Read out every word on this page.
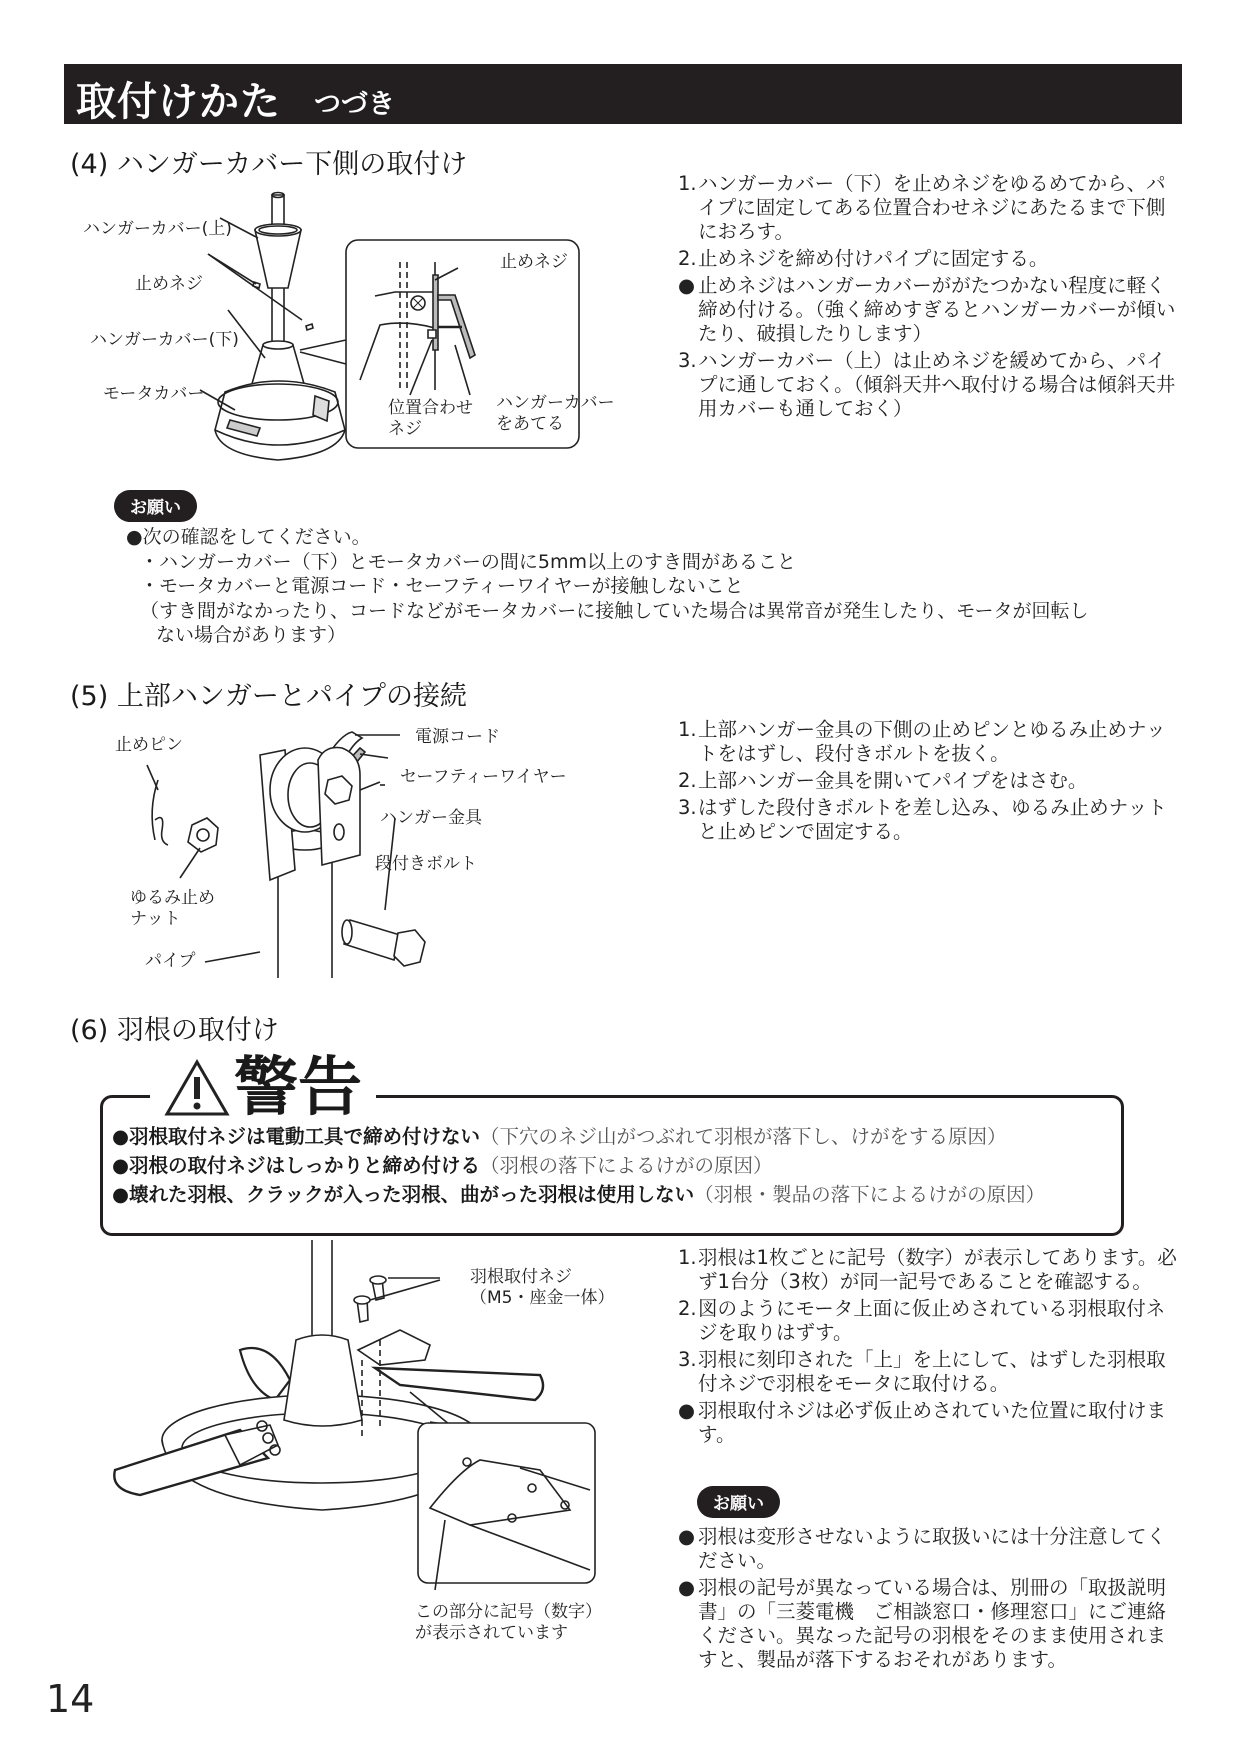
取付けかた つづき
(4) ハンガーカバー下側の取付け
ハンガーカバー(上)
止めネジ
ハンガーカバー(下)
モータカバー
止めネジ
位置合わせ
ネジ
ハンガーカバー
をあてる
1. ハンガーカバー（下）を止めネジをゆるめてから、パイプに固定してある位置合わせネジにあたるまで下側におろす。
2. 止めネジを締め付けパイプに固定する。
● 止めネジはハンガーカバーががたつかない程度に軽く締め付ける。（強く締めすぎるとハンガーカバーが傾いたり、破損したりします）
3. ハンガーカバー（上）は止めネジを緩めてから、パイプに通しておく。（傾斜天井へ取付ける場合は傾斜天井用カバーも通しておく）
お願い
●次の確認をしてください。
・ハンガーカバー（下）とモータカバーの間に5mm以上のすき間があること
・モータカバーと電源コード・セーフティーワイヤーが接触しないこと
（すき間がなかったり、コードなどがモータカバーに接触していた場合は異常音が発生したり、モータが回転し
ない場合があります）
(5) 上部ハンガーとパイプの接続
止めピン	電源コード
セーフティーワイヤー
ハンガー金具
段付きボルト
ゆるみ止め
ナット
パイプ
1. 上部ハンガー金具の下側の止めピンとゆるみ止めナットをはずし、段付きボルトを抜く。
2. 上部ハンガー金具を開いてパイプをはさむ。
3. はずした段付きボルトを差し込み、ゆるみ止めナットと止めピンで固定する。
(6) 羽根の取付け
警告
●羽根取付ネジは電動工具で締め付けない（下穴のネジ山がつぶれて羽根が落下し、けがをする原因）
●羽根の取付ネジはしっかりと締め付ける（羽根の落下によるけがの原因）
●壊れた羽根、クラックが入った羽根、曲がった羽根は使用しない（羽根・製品の落下によるけがの原因）
羽根取付ネジ
（M5・座金一体）
この部分に記号（数字）
が表示されています
1. 羽根は1枚ごとに記号（数字）が表示してあります。必ず1台分（3枚）が同一記号であることを確認する。
2. 図のようにモータ上面に仮止めされている羽根取付ネジを取りはずす。
3. 羽根に刻印された「上」を上にして、はずした羽根取付ネジで羽根をモータに取付ける。
● 羽根取付ネジは必ず仮止めされていた位置に取付けます。
お願い
● 羽根は変形させないように取扱いには十分注意してください。
● 羽根の記号が異なっている場合は、別冊の「取扱説明書」の「三菱電機　ご相談窓口・修理窓口」にご連絡ください。異なった記号の羽根をそのまま使用されますと、製品が落下するおそれがあります。
14
